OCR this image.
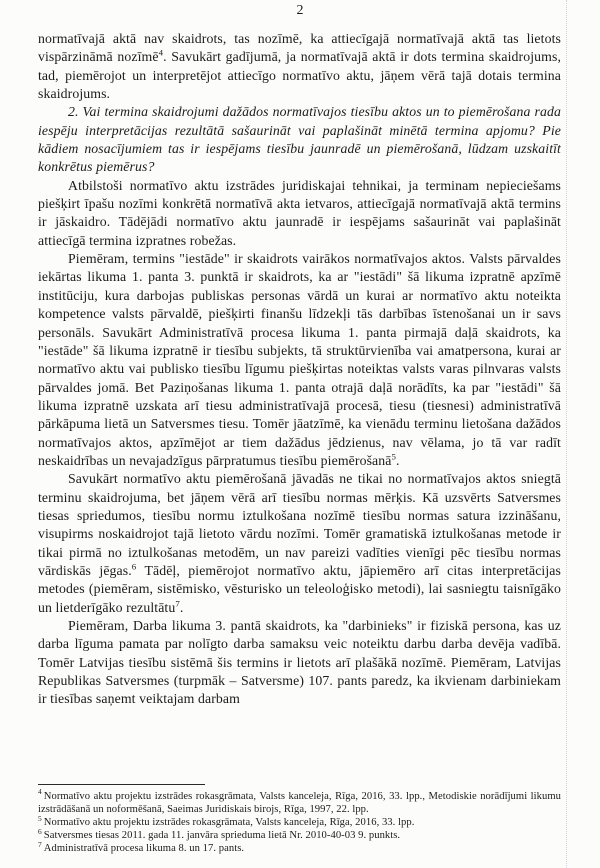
2

normatīvajā aktā nav skaidrots, tas nozīmē, ka attiecīgajā normatīvajā aktā tas lietots vispārzināmā nozīmē$^4$. Savukārt gadījumā, ja normatīvajā aktā ir dots termina skaidrojums, tad, piemērojot un interpretējot attiecīgo normatīvo aktu, jāņem vērā tajā dotais termina skaidrojums.

2. Vai termina skaidrojumi dažādos normatīvajos tiesību aktos un to piemērošana rada iespēju interpretācijas rezultātā sašaurināt vai paplašināt minētā termina apjomu? Pie kādiem nosacījumiem tas ir iespējams tiesību jaunradē un piemērošanā, lūdzam uzskaitīt konkrētus piemērus?

Atbilstoši normatīvo aktu izstrādes juridiskajai tehnikai, ja terminam nepieciešams piešķirt īpašu nozīmi konkrētā normatīvā akta ietvaros, attiecīgajā normatīvajā aktā termins ir jāskaidro. Tādējādi normatīvo aktu jaunradē ir iespējams sašaurināt vai paplašināt attiecīgā termina izpratnes robežas.

Piemēram, termins "iestāde" ir skaidrots vairākos normatīvajos aktos. Valsts pārvaldes iekārtas likuma 1. panta 3. punktā ir skaidrots, ka ar "iestādi" šā likuma izpratnē apzīmē institūciju, kura darbojas publiskas personas vārdā un kurai ar normatīvo aktu noteikta kompetence valsts pārvaldē, piešķirti finanšu līdzekļi tās darbības īstenošanai un ir savs personāls. Savukārt Administratīvā procesa likuma 1. panta pirmajā daļā skaidrots, ka "iestāde" šā likuma izpratnē ir tiesību subjekts, tā struktūrvienība vai amatpersona, kurai ar normatīvo aktu vai publisko tiesību līgumu piešķirtas noteiktas valsts varas pilnvaras valsts pārvaldes jomā. Bet Paziņošanas likuma 1. panta otrajā daļā norādīts, ka par "iestādi" šā likuma izpratnē uzskata arī tiesu administratīvajā procesā, tiesu (tiesnesi) administratīvā pārkāpuma lietā un Satversmes tiesu. Tomēr jāatzīmē, ka vienādu terminu lietošana dažādos normatīvajos aktos, apzīmējot ar tiem dažādus jēdzienus, nav vēlama, jo tā var radīt neskaidrības un nevajadzīgus pārpratumus tiesību piemērošanā$^5$.

Savukārt normatīvo aktu piemērošanā jāvadās ne tikai no normatīvajos aktos sniegtā terminu skaidrojuma, bet jāņem vērā arī tiesību normas mērķis. Kā uzsvērts Satversmes tiesas spriedumos, tiesību normu iztulkošana nozīmē tiesību normas satura izzināšanu, visupirms noskaidrojot tajā lietoto vārdu nozīmi. Tomēr gramatiskā iztulkošanas metode ir tikai pirmā no iztulkošanas metodēm, un nav pareizi vadīties vienīgi pēc tiesību normas vārdiskās jēgas.$^6$ Tādēļ, piemērojot normatīvo aktu, jāpiemēro arī citas interpretācijas metodes (piemēram, sistēmisko, vēsturisko un teleoloģisko metodi), lai sasniegtu taisnīgāko un lietderīgāko rezultātu$^7$.

Piemēram, Darba likuma 3. pantā skaidrots, ka "darbinieks" ir fiziskā persona, kas uz darba līguma pamata par nolīgto darba samaksu veic noteiktu darbu darba devēja vadībā. Tomēr Latvijas tiesību sistēmā šis termins ir lietots arī plašākā nozīmē. Piemēram, Latvijas Republikas Satversmes (turpmāk – Satversme) 107. pants paredz, ka ikvienam darbiniekam ir tiesības saņemt veiktajam darbam

$^4$ Normatīvo aktu projektu izstrādes rokasgrāmata, Valsts kanceleja, Rīga, 2016, 33. lpp., Metodiskie norādījumi likumu izstrādāšanā un noformēšanā, Saeimas Juridiskais birojs, Rīga, 1997, 22. lpp.

$^5$ Normatīvo aktu projektu izstrādes rokasgrāmata, Valsts kanceleja, Rīga, 2016, 33. lpp.

$^6$ Satversmes tiesas 2011. gada 11. janvāra sprieduma lietā Nr. 2010-40-03 9. punkts.

$^7$ Administratīvā procesa likuma 8. un 17. pants.
